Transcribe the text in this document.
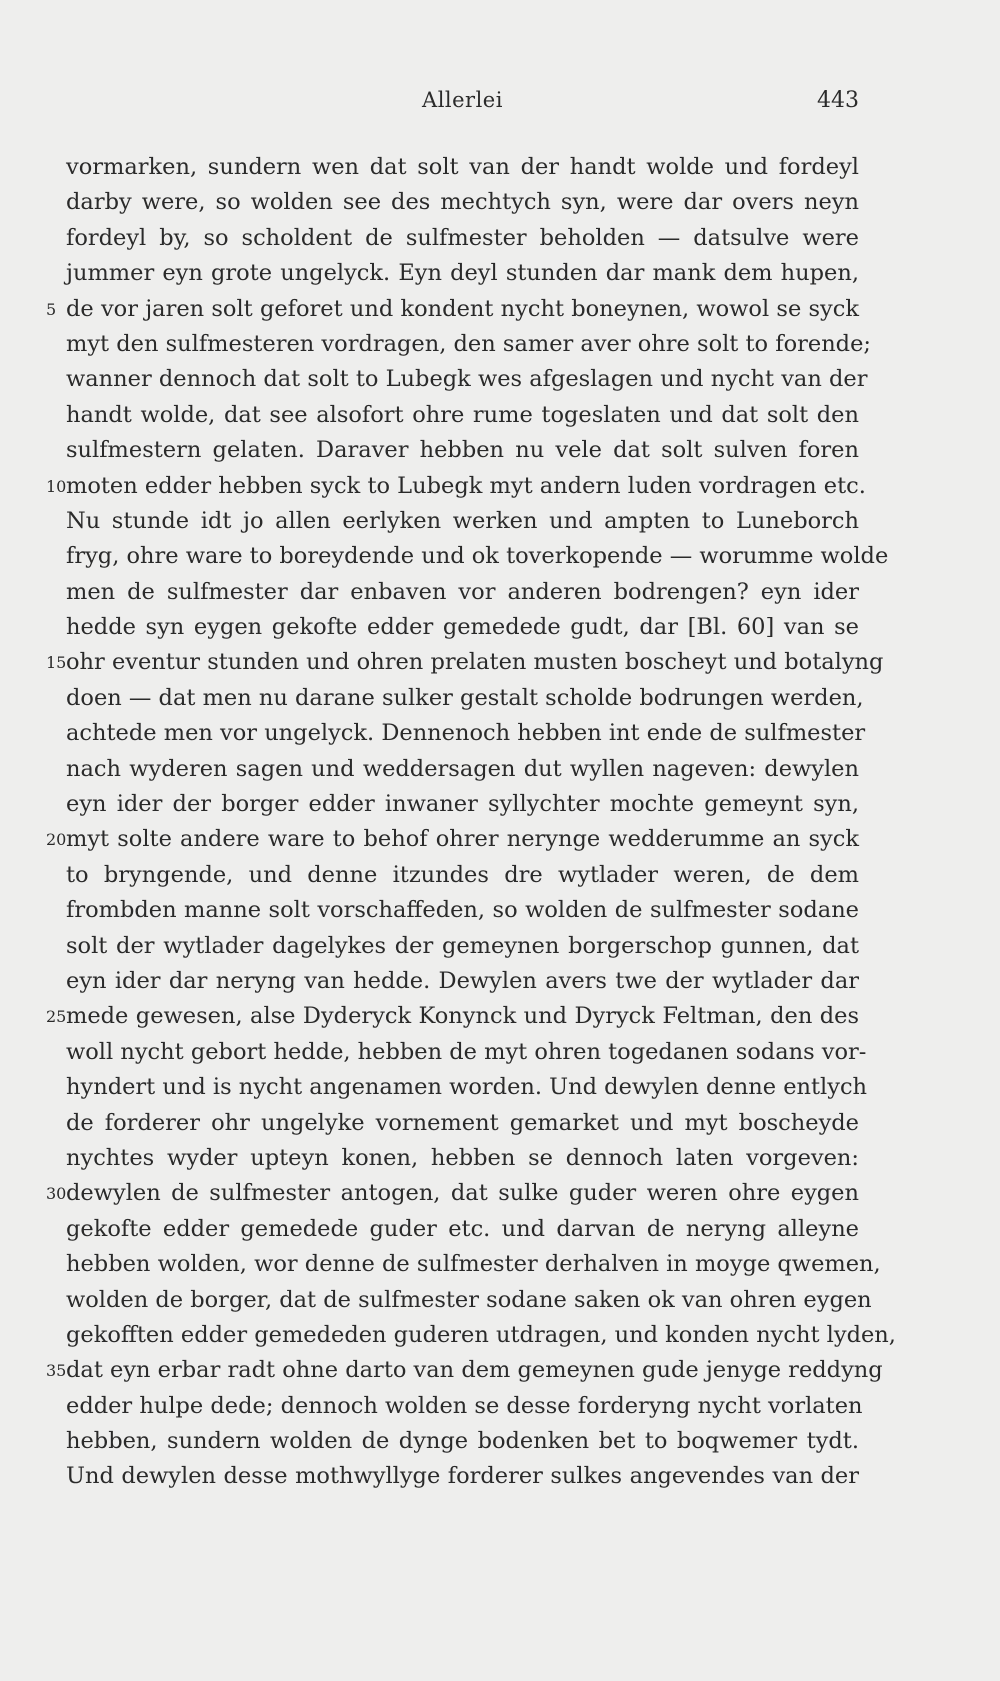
Allerlei	443
vormarken, sundern wen dat solt van der handt wolde und fordeyl
darby were, so wolden see des mechtych syn, were dar overs neyn
fordeyl by, so scholdent de sulfmester beholden — datsulve were
jummer eyn grote ungelyck. Eyn deyl stunden dar mank dem hupen,
5 de vor jaren solt geforet und kondent nycht boneynen, wowol se syck
myt den sulfmesteren vordragen, den samer aver ohre solt to forende;
wanner dennoch dat solt to Lubegk wes afgeslagen und nycht van der
handt wolde, dat see alsofort ohre rume togeslaten und dat solt den
sulfmestern gelaten. Daraver hebben nu vele dat solt sulven foren
10 moten edder hebben syck to Lubegk myt andern luden vordragen etc.
Nu stunde idt jo allen eerlyken werken und ampten to Luneborch
fryg, ohre ware to boreydende und ok toverkopende — worumme wolde
men de sulfmester dar enbaven vor anderen bodrengen? eyn ider
hedde syn eygen gekofte edder gemedede gudt, dar [Bl. 60] van se
15 ohr eventur stunden und ohren prelaten musten boscheyt und botalyng
doen — dat men nu darane sulker gestalt scholde bodrungen werden,
achtede men vor ungelyck. Dennenoch hebben int ende de sulfmester
nach wyderen sagen und weddersagen dut wyllen nageven: dewylen
eyn ider der borger edder inwaner syllychter mochte gemeynt syn,
20 myt solte andere ware to behof ohrer neryngе wedderumme an syck
to bryngende, und denne itzundes dre wytlader weren, de dem
frombden manne solt vorschaffeden, so wolden de sulfmester sodane
solt der wytlader dagelykes der gemeynen borgerschop gunnen, dat
eyn ider dar neryng van hedde. Dewylen avers twe der wytlader dar
25 mede gewesen, alse Dyderyck Konynck und Dyryck Feltman, den des
woll nycht gebort hedde, hebben de myt ohren togedanen sodans vor-
hyndert und is nycht angenamen worden. Und dewylen denne entlych
de forderer ohr ungelyke vornement gemarket und myt boscheyde
nychtes wyder upteyn konen, hebben se dennoch laten vorgeven:
30 dewylen de sulfmester antogen, dat sulke guder weren ohre eygen
gekofte edder gemedede guder etc. und darvan de neryng alleyne
hebben wolden, wor denne de sulfmester derhalven in moyge qwemen,
wolden de borger, dat de sulfmester sodane saken ok van ohren eygen
gekofften edder gemededen guderen utdragen, und konden nycht lyden,
35 dat eyn erbar radt ohne darto van dem gemeynen gude jenyge reddyng
edder hulpe dede; dennoch wolden se desse forderyng nycht vorlaten
hebben, sundern wolden de dynge bodenken bet to boqwemer tydt.
Und dewylen desse mothwyllyge forderer sulkes angevendes van der
